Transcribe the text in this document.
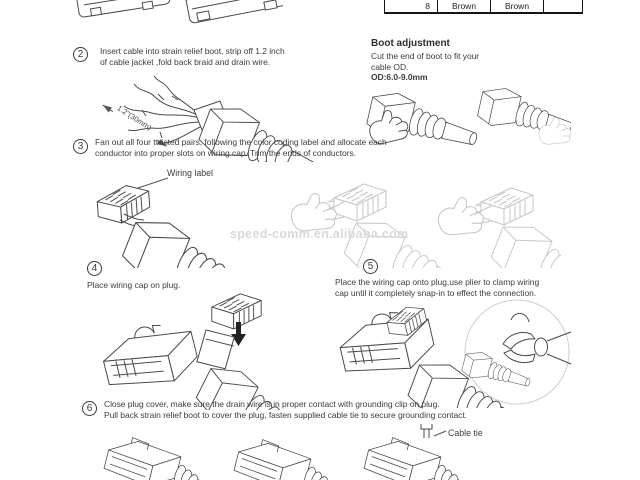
8	Brown	Brown
Boot adjustment
Cut the end of boot to fit your
cable OD.
OD:6.0-9.0mm
2	Insert cable into strain relief boot, strip off 1.2 inch
of cable jacket ,fold back braid and drain wire.
1.2"(30mm)
3	Fan out all four twisted pairs, following the color coding label and allocate each
conductor into proper slots on wiring cap. Trim the ends of conductors.
Wiring label
speed-comm.en.alibaba.com
4
Place wiring cap on plug.
5
Place the wiring cap onto plug,use plier to clamp wiring
cap until it completely snap-in to effect the connection.
6	Close plug cover, make sure the drain wire is in proper contact with grounding clip on plug.
Pull back strain relief boot to cover the plug, fasten supplied cable tie to secure grounding contact.
Cable tie
